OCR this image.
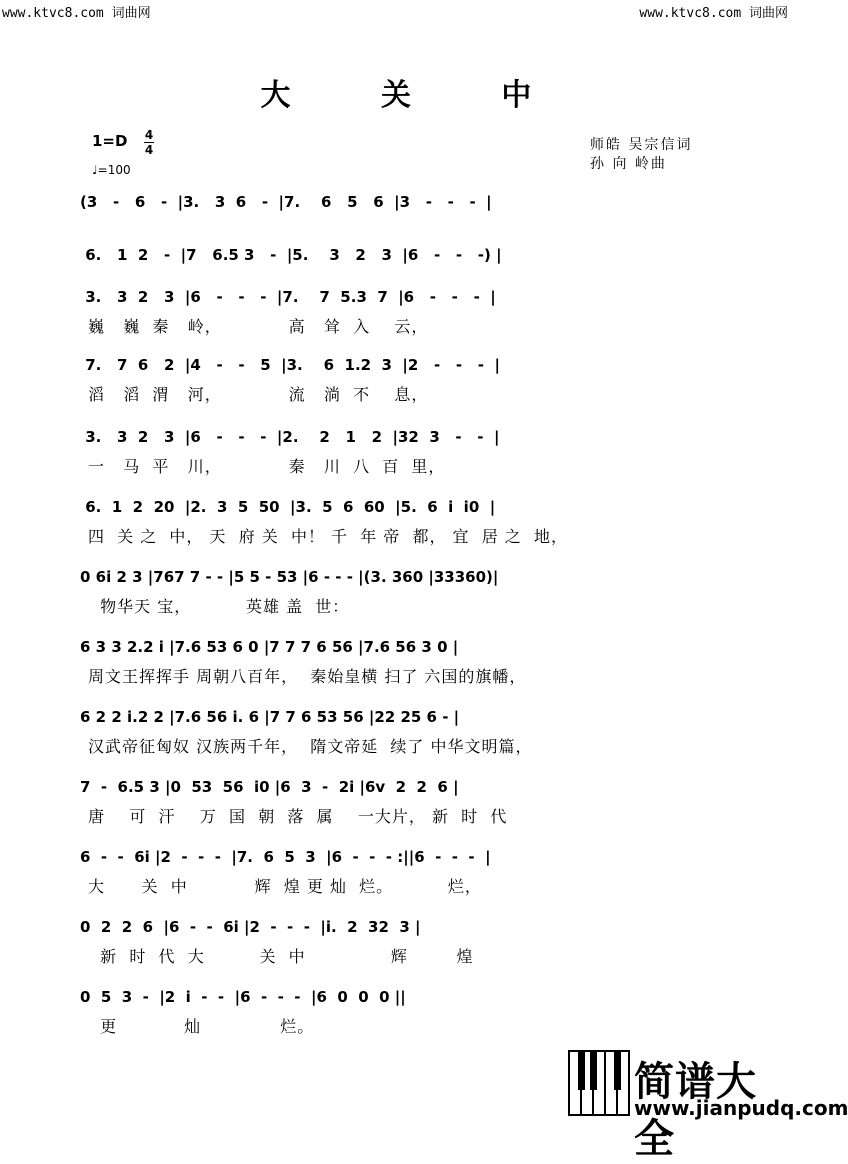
www.ktvc8.com 词曲网	www.ktvc8.com 词曲网
大 关 中
1=D 4
4
♩=100
师皓 吴宗信词
孙 向 岭曲
(3   -   6   -  |3.   3  6   -  |7.    6   5   6  |3   -   -   -  |
6.   1  2   -  |7   6.5 3   -  |5.    3   2   3  |6   -   -   -) |
3.   3  2   3  |6   -   -   -  |7.    7  5.3  7  |6   -   -   -  |
巍   巍  秦   岭，           高   耸  入    云，
7.   7  6   2  |4   -   -   5  |3.    6  1.2  3  |2   -   -   -  |
滔   滔  渭   河，           流   淌  不    息，
3.   3  2   3  |6   -   -   -  |2.    2   1   2  |32  3   -   -  |
一   马  平   川，           秦   川  八  百  里，
6.  1  2  20  |2.  3  5  50  |3.  5  6  60  |5.  6  i  i0  |
四  关 之  中， 天  府 关  中！ 千  年 帝  都， 宜  居 之  地，
0 6i 2 3 |767 7 - - |5 5 - 53 |6 - - - |(3. 360 |33360)|
物华天 宝，         英雄 盖  世：
6 3 3 2.2 i |7.6 53 6 0 |7 7 7 6 56 |7.6 56 3 0 |
周文王挥挥手 周朝八百年，  秦始皇横 扫了 六国的旗幡，
6 2 2 i.2 2 |7.6 56 i. 6 |7 7 6 53 56 |22 25 6 - |
汉武帝征匈奴 汉族两千年，  隋文帝延  续了 中华文明篇，
7  -  6.5 3 |0  53  56  i0 |6  3  -  2i |6v  2  2  6 |
唐    可  汗    万  国  朝  落  属    一大片， 新  时  代
6  -  -  6i |2  -  -  -  |7.  6  5  3  |6  -  -  - :||6  -  -  -  |
大      关  中           辉  煌 更 灿  烂。         烂，
0  2  2  6  |6  -  -  6i |2  -  -  -  |i.  2  32  3 |
新  时  代  大         关  中              辉        煌
0  5  3  -  |2  i  -  -  |6  -  -  -  |6  0  0  0 ||
更           灿             烂。
简谱大全
www.jianpudq.com
